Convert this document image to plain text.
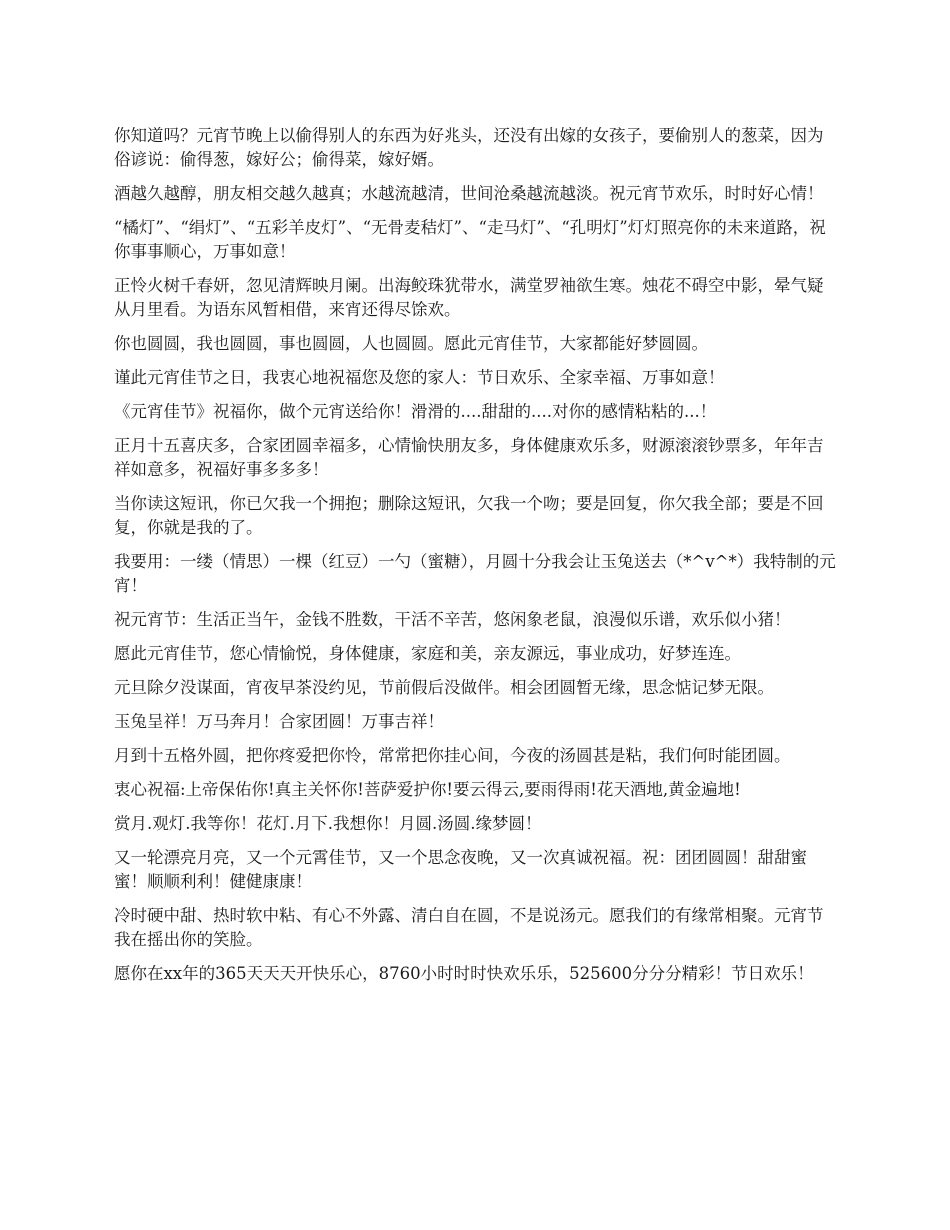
你知道吗？元宵节晚上以偷得别人的东西为好兆头，还没有出嫁的女孩子，要偷别人的葱菜，因为俗谚说：偷得葱，嫁好公；偷得菜，嫁好婿。

酒越久越醇，朋友相交越久越真；水越流越清，世间沧桑越流越淡。祝元宵节欢乐，时时好心情！

“橘灯”、“绢灯”、“五彩羊皮灯”、“无骨麦秸灯”、“走马灯”、“孔明灯”灯灯照亮你的未来道路，祝你事事顺心，万事如意！

正怜火树千春妍，忽见清辉映月阑。出海鲛珠犹带水，满堂罗袖欲生寒。烛花不碍空中影，晕气疑从月里看。为语东风暂相借，来宵还得尽馀欢。

你也圆圆，我也圆圆，事也圆圆，人也圆圆。愿此元宵佳节，大家都能好梦圆圆。

谨此元宵佳节之日，我衷心地祝福您及您的家人：节日欢乐、全家幸福、万事如意！

《元宵佳节》祝福你，做个元宵送给你！滑滑的....甜甜的....对你的感情粘粘的...！

正月十五喜庆多，合家团圆幸福多，心情愉快朋友多，身体健康欢乐多，财源滚滚钞票多，年年吉祥如意多，祝福好事多多多！

当你读这短讯，你已欠我一个拥抱；删除这短讯，欠我一个吻；要是回复，你欠我全部；要是不回复，你就是我的了。

我要用：一缕（情思）一棵（红豆）一勺（蜜糖），月圆十分我会让玉兔送去（*^v^*）我特制的元宵！

祝元宵节：生活正当午，金钱不胜数，干活不辛苦，悠闲象老鼠，浪漫似乐谱，欢乐似小猪！

愿此元宵佳节，您心情愉悦，身体健康，家庭和美，亲友源远，事业成功，好梦连连。

元旦除夕没谋面，宵夜早茶没约见，节前假后没做伴。相会团圆暂无缘，思念惦记梦无限。

玉兔呈祥！万马奔月！合家团圆！万事吉祥！

月到十五格外圆，把你疼爱把你怜，常常把你挂心间，今夜的汤圆甚是粘，我们何时能团圆。

衷心祝福:上帝保佑你!真主关怀你!菩萨爱护你!要云得云,要雨得雨!花天酒地,黄金遍地!

赏月.观灯.我等你！花灯.月下.我想你！月圆.汤圆.缘梦圆！

又一轮漂亮月亮，又一个元霄佳节，又一个思念夜晚，又一次真诚祝福。祝：团团圆圆！甜甜蜜蜜！顺顺利利！健健康康！

冷时硬中甜、热时软中粘、有心不外露、清白自在圆，不是说汤元。愿我们的有缘常相聚。元宵节我在摇出你的笑脸。

愿你在xx年的365天天天开快乐心，8760小时时时快欢乐乐，525600分分分精彩！节日欢乐！
